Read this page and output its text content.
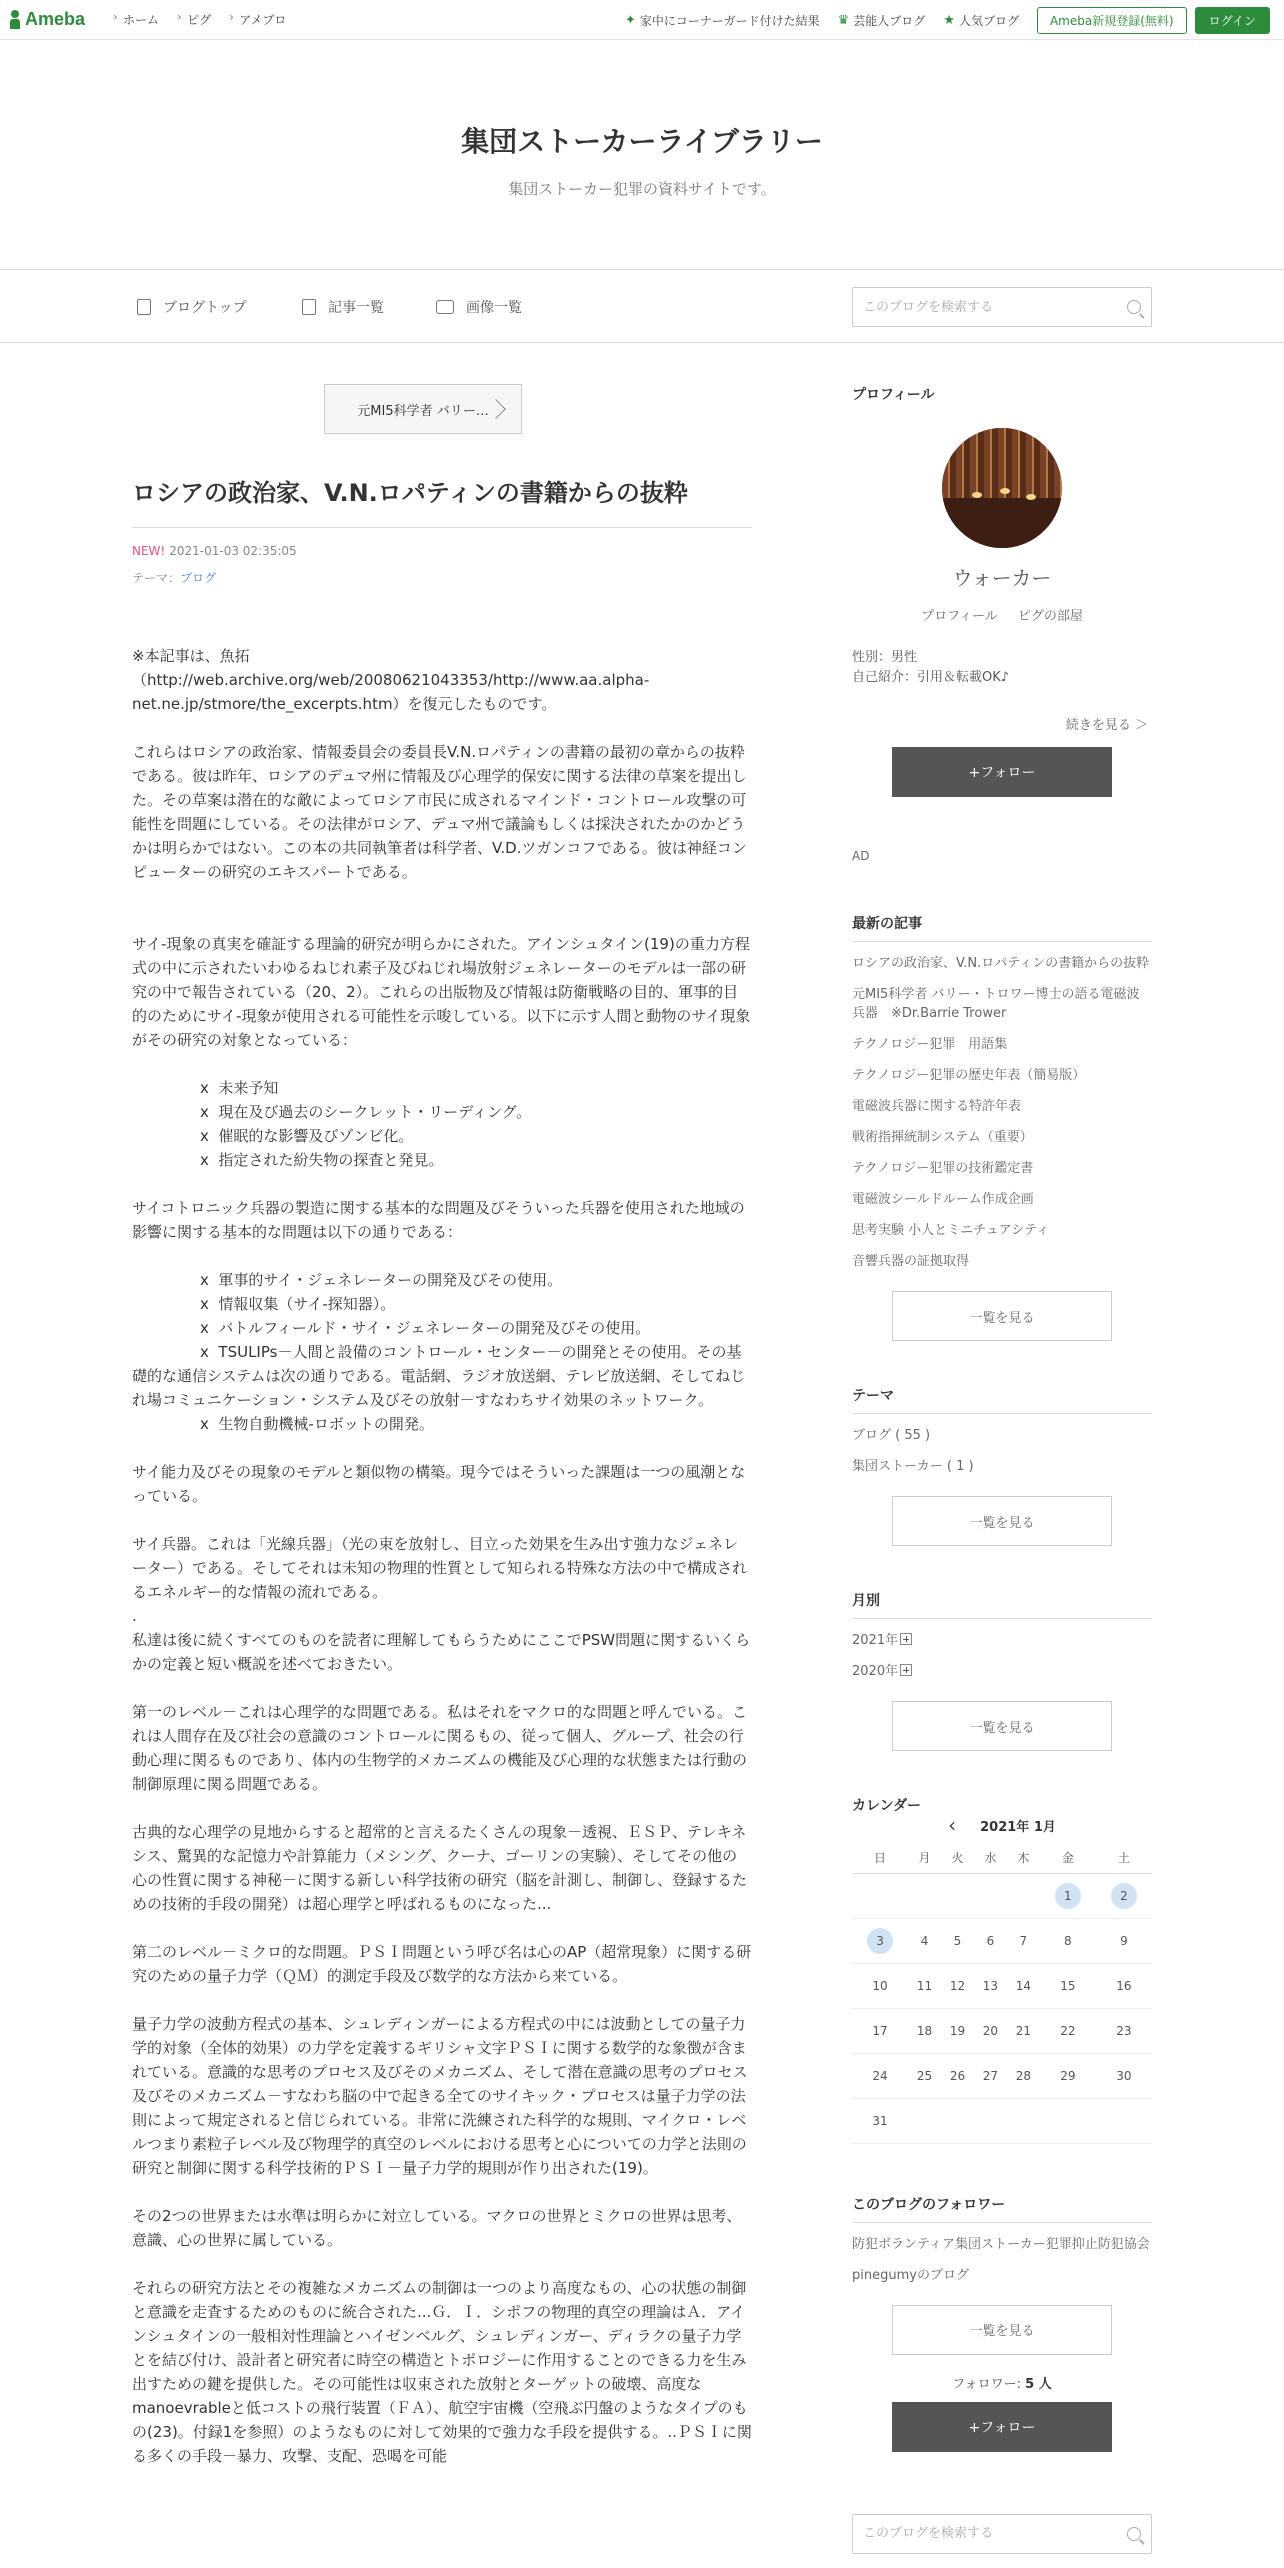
Ameba	› ホーム	› ピグ	› アメブロ	✦ 家中にコーナーガード付けた結果 ♛ 芸能人ブログ ★ 人気ブログ	Ameba新規登録(無料)	ログイン
集団ストーカーライブラリー

集団ストーカー犯罪の資料サイトです。

ブログトップ	記事一覧	画像一覧
このブログを検索する
元MI5科学者 バリー…
ロシアの政治家、V.N.ロパティンの書籍からの抜粋
NEW! 2021-01-03 02:35:05
テーマ：ブログ

※本記事は、魚拓（http://web.archive.org/web/20080621043353/http://www.aa.alpha-net.ne.jp/stmore/the_excerpts.htm）を復元したものです。

これらはロシアの政治家、情報委員会の委員長V.N.ロパティンの書籍の最初の章からの抜粋である。彼は昨年、ロシアのデュマ州に情報及び心理学的保安に関する法律の草案を提出した。その草案は潜在的な敵によってロシア市民に成されるマインド・コントロール攻撃の可能性を問題にしている。その法律がロシア、デュマ州で議論もしくは採決されたかのかどうかは明らかではない。この本の共同執筆者は科学者、V.D.ツガンコフである。彼は神経コンピューターの研究のエキスパートである。

サイ-現象の真実を確証する理論的研究が明らかにされた。アインシュタイン(19)の重力方程式の中に示されたいわゆるねじれ素子及びねじれ場放射ジェネレーターのモデルは一部の研究の中で報告されている（20、2）。これらの出版物及び情報は防衛戦略の目的、軍事的目的のためにサイ-現象が使用される可能性を示唆している。以下に示す人間と動物のサイ現象がその研究の対象となっている：

x  未来予知
x  現在及び過去のシークレット・リーディング。
x  催眠的な影響及びゾンビ化。
x  指定された紛失物の探査と発見。

サイコトロニック兵器の製造に関する基本的な問題及びそういった兵器を使用された地域の影響に関する基本的な問題は以下の通りである：

x  軍事的サイ・ジェネレーターの開発及びその使用。
x  情報収集（サイ-探知器）。
x  バトルフィールド・サイ・ジェネレーターの開発及びその使用。
x  TSULIPs－人間と設備のコントロール・センター－の開発とその使用。その基礎的な通信システムは次の通りである。電話網、ラジオ放送網、テレビ放送網、そしてねじれ場コミュニケーション・システム及びその放射－すなわちサイ効果のネットワーク。
x  生物自動機械-ロボットの開発。

サイ能力及びその現象のモデルと類似物の構築。現今ではそういった課題は一つの風潮となっている。

サイ兵器。これは「光線兵器」（光の束を放射し、目立った効果を生み出す強力なジェネレーター）である。そしてそれは未知の物理的性質として知られる特殊な方法の中で構成されるエネルギー的な情報の流れである。
.
私達は後に続くすべてのものを読者に理解してもらうためにここでPSW問題に関するいくらかの定義と短い概説を述べておきたい。

第一のレベル－これは心理学的な問題である。私はそれをマクロ的な問題と呼んでいる。これは人間存在及び社会の意識のコントロールに関るもの、従って個人、グループ、社会の行動心理に関るものであり、体内の生物学的メカニズムの機能及び心理的な状態または行動の制御原理に関る問題である。

古典的な心理学の見地からすると超常的と言えるたくさんの現象－透視、ＥＳＰ、テレキネシス、驚異的な記憶力や計算能力（メシング、クーナ、ゴーリンの実験）、そしてその他の心の性質に関する神秘－に関する新しい科学技術の研究（脳を計測し、制御し、登録するための技術的手段の開発）は超心理学と呼ばれるものになった...

第二のレベル－ミクロ的な問題。ＰＳＩ問題という呼び名は心のAP（超常現象）に関する研究のための量子力学（ＱＭ）的測定手段及び数学的な方法から来ている。

量子力学の波動方程式の基本、シュレディンガーによる方程式の中には波動としての量子力学的対象（全体的効果）の力学を定義するギリシャ文字ＰＳＩに関する数学的な象徴が含まれている。意識的な思考のプロセス及びそのメカニズム、そして潜在意識の思考のプロセス及びそのメカニズム－すなわち脳の中で起きる全てのサイキック・プロセスは量子力学の法則によって規定されると信じられている。非常に洗練された科学的な規則、マイクロ・レベルつまり素粒子レベル及び物理学的真空のレベルにおける思考と心についての力学と法則の研究と制御に関する科学技術的ＰＳＩ－量子力学的規則が作り出された(19)。

その2つの世界または水準は明らかに対立している。マクロの世界とミクロの世界は思考、意識、心の世界に属している。

それらの研究方法とその複雑なメカニズムの制御は一つのより高度なもの、心の状態の制御と意識を走査するためのものに統合された...Ｇ．Ｉ．シポフの物理的真空の理論はＡ．アインシュタインの一般相対性理論とハイゼンベルグ、シュレディンガー、ディラクの量子力学とを結び付け、設計者と研究者に時空の構造とトポロジーに作用することのできる力を生み出すための鍵を提供した。その可能性は収束された放射とターゲットの破壊、高度なmanoevrableと低コストの飛行装置（ＦＡ）、航空宇宙機（空飛ぶ円盤のようなタイプのもの(23)。付録1を参照）のようなものに対して効果的で強力な手段を提供する。..ＰＳＩに関る多くの手段－暴力、攻撃、支配、恐喝を可能

プロフィール
ウォーカー
プロフィール ピグの部屋
性別：男性
自己紹介：引用＆転載OK♪
続きを見る ＞
+フォロー
AD
最新の記事
ロシアの政治家、V.N.ロパティンの書籍からの抜粋
元MI5科学者 バリー・トロワー博士の語る電磁波兵器　※Dr.Barrie Trower
テクノロジー犯罪　用語集
テクノロジー犯罪の歴史年表（簡易版）
電磁波兵器に関する特許年表
戦術指揮統制システム（重要）
テクノロジー犯罪の技術鑑定書
電磁波シールドルーム作成企画
思考実験 小人とミニチュアシティ
音響兵器の証拠取得
一覧を見る
テーマ
ブログ ( 55 )
集団ストーカー ( 1 )
一覧を見る
月別
2021年
2020年
一覧を見る
カレンダー
‹ 2021年 1月
日	月	火	水	木	金	土
					1	2
3	4	5	6	7	8	9
10	11	12	13	14	15	16
17	18	19	20	21	22	23
24	25	26	27	28	29	30
31						
このブログのフォロワー
防犯ボランティア集団ストーカー犯罪抑止防犯協会
pinegumyのブログ
一覧を見る
フォロワー: 5 人
+フォロー
このブログを検索する
